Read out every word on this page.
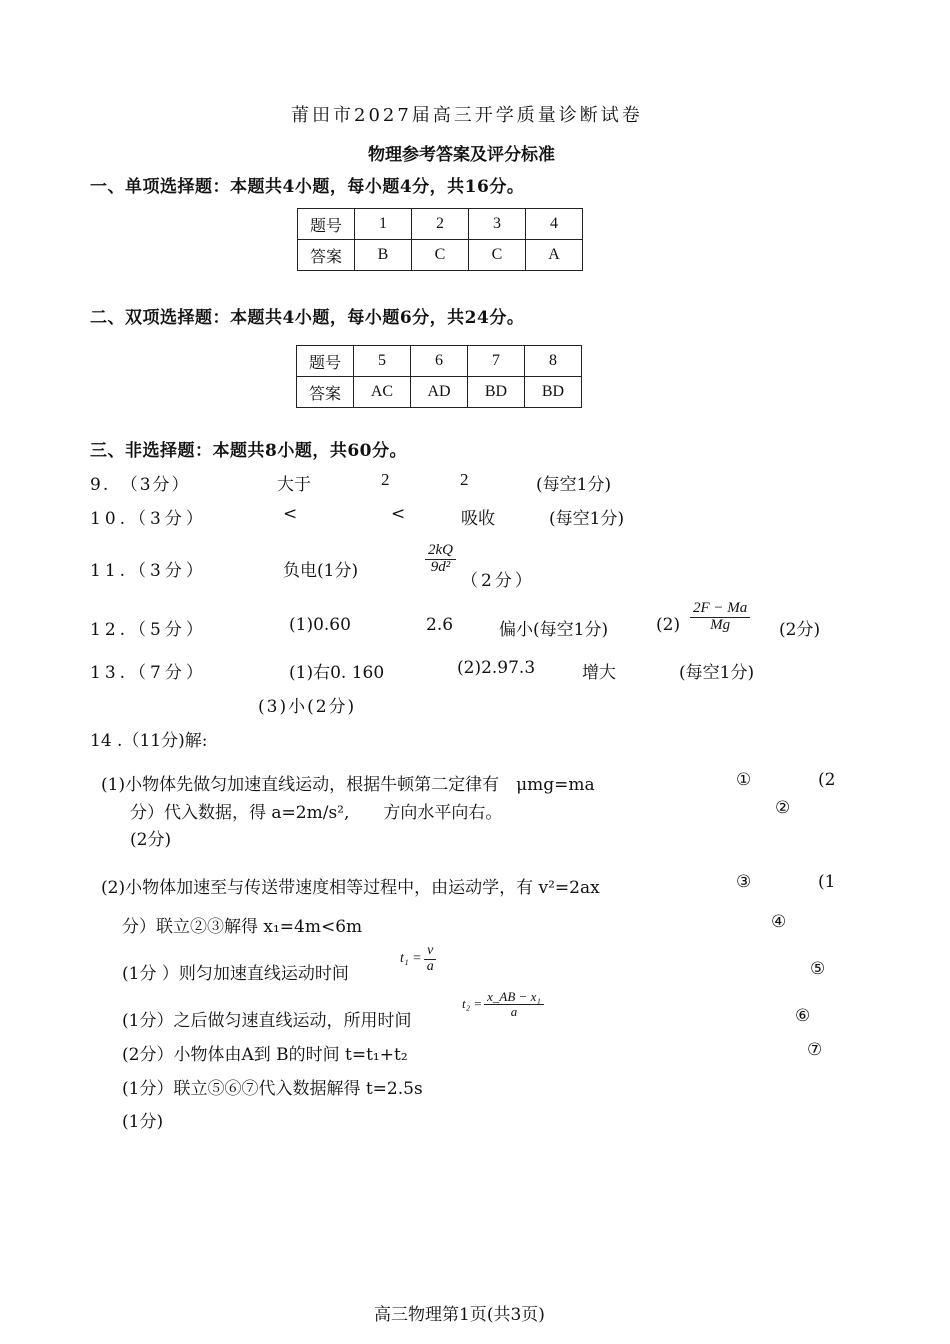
莆田市2027届高三开学质量诊断试卷
物理参考答案及评分标准
一、单项选择题：本题共4小题，每小题4分，共16分。
题号	1	2	3	4
答案	B	C	C	A
二、双项选择题：本题共4小题，每小题6分，共24分。
题号	5	6	7	8
答案	AC	AD	BD	BD
三、非选择题：本题共8小题，共60分。
9.　（3分）	大于	2	2	(每空1分)
10.（3分）	<	<	吸收	(每空1分)
11.（3分）	负电(1分)	$\frac{2kQ}{\text{9d²}}$
（2分）
12.（5分）	(1)0.60	2.6	偏小(每空1分)	$(2) \frac{2F - Ma}{Mg} (2$分)
13.（7分）	(1)右0. 160	(2)2.97.3	增大	(每空1分)
(3)小(2分)
14 .（11分)解:
(1)小物体先做匀加速直线运动，根据牛顿第二定律有　μmg=ma	①	(2
分）代入数据，得 a=2m/s²,　　方向水平向右。	②
(2分)
(2)小物体加速至与传送带速度相等过程中，由运动学，有 v²=2ax	③	(1
分）联立②③解得 x₁=4m<6m	④
(1分 ）则匀加速直线运动时间
$t_1 = \frac{v}{a}$	⑤
(1分）之后做匀速直线运动，所用时间
$t_2 = \frac{\text{x\_AB − x₁}}{a}$	⑥
(2分）小物体由A到 B的时间 t=t₁+t₂	⑦
(1分）联立⑤⑥⑦代入数据解得 t=2.5s
(1分)
高三物理第1页(共3页)
